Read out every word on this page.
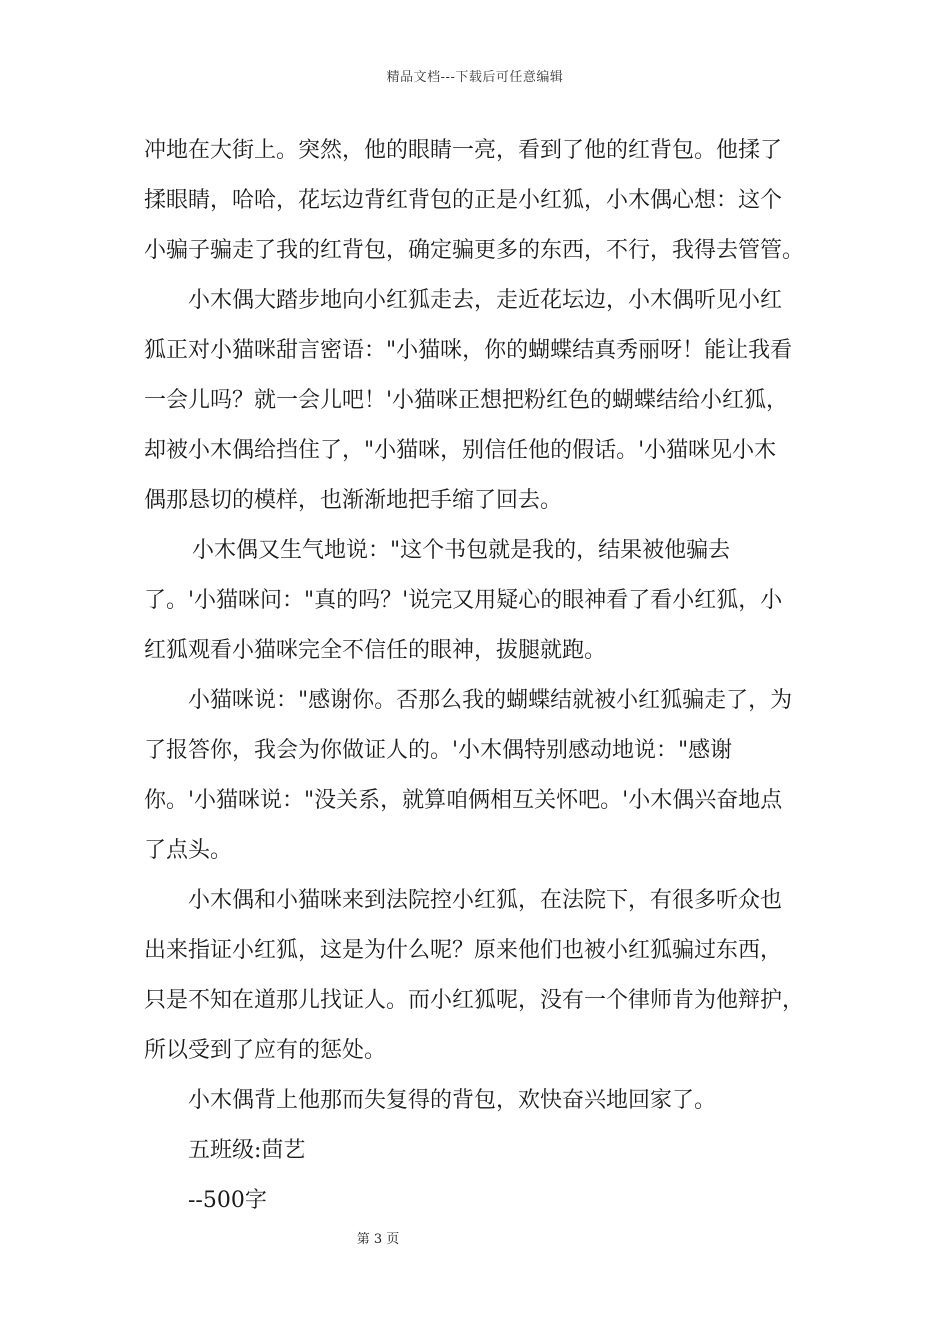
精品文档---下载后可任意编辑

冲地在大街上。突然，他的眼睛一亮，看到了他的红背包。他揉了

揉眼睛，哈哈，花坛边背红背包的正是小红狐，小木偶心想：这个

小骗子骗走了我的红背包，确定骗更多的东西，不行，我得去管管。

小木偶大踏步地向小红狐走去，走近花坛边，小木偶听见小红

狐正对小猫咪甜言密语："小猫咪，你的蝴蝶结真秀丽呀！能让我看

一会儿吗？就一会儿吧！'小猫咪正想把粉红色的蝴蝶结给小红狐，

却被小木偶给挡住了，"小猫咪，别信任他的假话。'小猫咪见小木

偶那恳切的模样，也渐渐地把手缩了回去。

小木偶又生气地说："这个书包就是我的，结果被他骗去

了。'小猫咪问："真的吗？'说完又用疑心的眼神看了看小红狐，小

红狐观看小猫咪完全不信任的眼神，拔腿就跑。

小猫咪说："感谢你。否那么我的蝴蝶结就被小红狐骗走了，为

了报答你，我会为你做证人的。'小木偶特别感动地说："感谢

你。'小猫咪说："没关系，就算咱俩相互关怀吧。'小木偶兴奋地点

了点头。

小木偶和小猫咪来到法院控小红狐，在法院下，有很多听众也

出来指证小红狐，这是为什么呢？原来他们也被小红狐骗过东西，

只是不知在道那儿找证人。而小红狐呢，没有一个律师肯为他辩护，

所以受到了应有的惩处。

小木偶背上他那而失复得的背包，欢快奋兴地回家了。

五班级:茴艺

--500字

第 3 页
